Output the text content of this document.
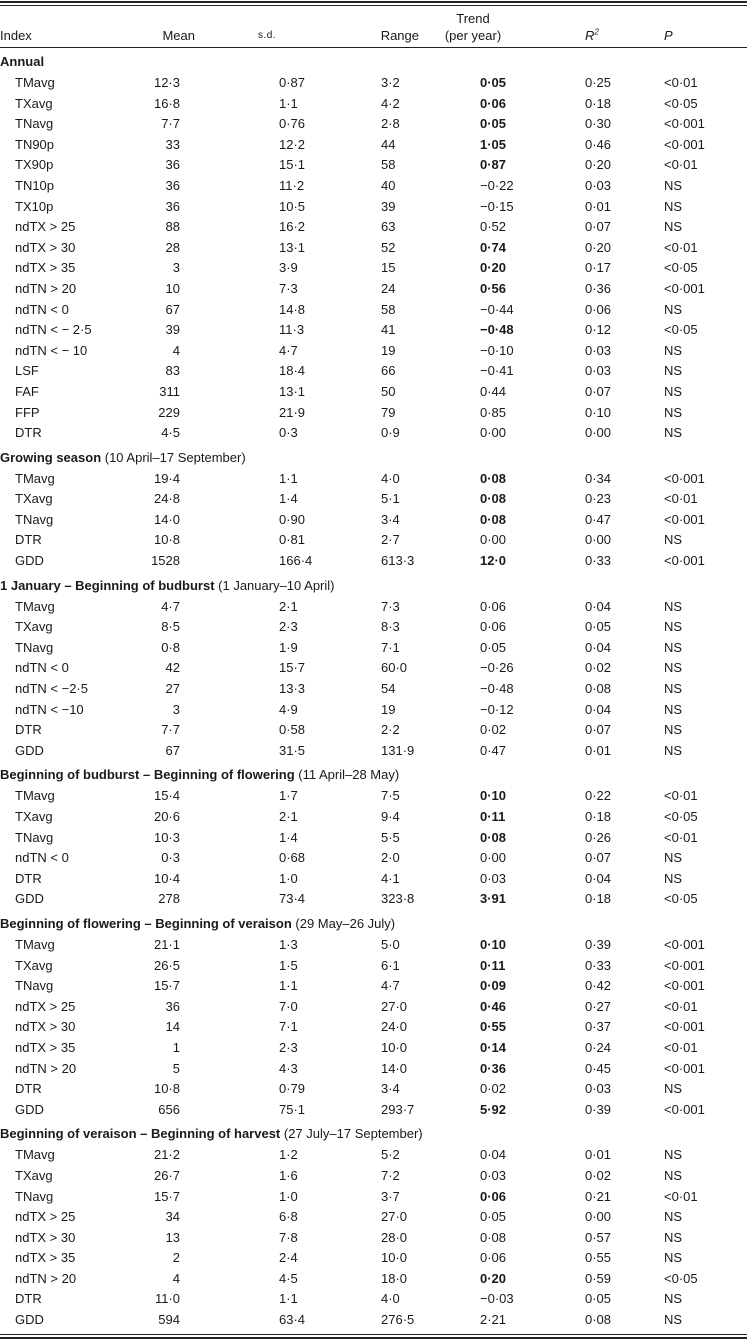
				Trend		
Index	Mean	s.d.	Range	(per year)	$R^2$	P
Annual						
TMavg	12·3	0·87	3·2	0·05	0·25	<0·01
TXavg	16·8	1·1	4·2	0·06	0·18	<0·05
TNavg	7·7	0·76	2·8	0·05	0·30	<0·001
TN90p	33	12·2	44	1·05	0·46	<0·001
TX90p	36	15·1	58	0·87	0·20	<0·01
TN10p	36	11·2	40	−0·22	0·03	NS
TX10p	36	10·5	39	−0·15	0·01	NS
ndTX > 25	88	16·2	63	0·52	0·07	NS
ndTX > 30	28	13·1	52	0·74	0·20	<0·01
ndTX > 35	3	3·9	15	0·20	0·17	<0·05
ndTN > 20	10	7·3	24	0·56	0·36	<0·001
ndTN < 0	67	14·8	58	−0·44	0·06	NS
ndTN < − 2·5	39	11·3	41	−0·48	0·12	<0·05
ndTN < − 10	4	4·7	19	−0·10	0·03	NS
LSF	83	18·4	66	−0·41	0·03	NS
FAF	311	13·1	50	0·44	0·07	NS
FFP	229	21·9	79	0·85	0·10	NS
DTR	4·5	0·3	0·9	0·00	0·00	NS
Growing season (10 April–17 September)						
TMavg	19·4	1·1	4·0	0·08	0·34	<0·001
TXavg	24·8	1·4	5·1	0·08	0·23	<0·01
TNavg	14·0	0·90	3·4	0·08	0·47	<0·001
DTR	10·8	0·81	2·7	0·00	0·00	NS
GDD	1528	166·4	613·3	12·0	0·33	<0·001
1 January – Beginning of budburst (1 January–10 April)						
TMavg	4·7	2·1	7·3	0·06	0·04	NS
TXavg	8·5	2·3	8·3	0·06	0·05	NS
TNavg	0·8	1·9	7·1	0·05	0·04	NS
ndTN < 0	42	15·7	60·0	−0·26	0·02	NS
ndTN < −2·5	27	13·3	54	−0·48	0·08	NS
ndTN < −10	3	4·9	19	−0·12	0·04	NS
DTR	7·7	0·58	2·2	0·02	0·07	NS
GDD	67	31·5	131·9	0·47	0·01	NS
Beginning of budburst – Beginning of flowering (11 April–28 May)						
TMavg	15·4	1·7	7·5	0·10	0·22	<0·01
TXavg	20·6	2·1	9·4	0·11	0·18	<0·05
TNavg	10·3	1·4	5·5	0·08	0·26	<0·01
ndTN < 0	0·3	0·68	2·0	0·00	0·07	NS
DTR	10·4	1·0	4·1	0·03	0·04	NS
GDD	278	73·4	323·8	3·91	0·18	<0·05
Beginning of flowering – Beginning of veraison (29 May–26 July)						
TMavg	21·1	1·3	5·0	0·10	0·39	<0·001
TXavg	26·5	1·5	6·1	0·11	0·33	<0·001
TNavg	15·7	1·1	4·7	0·09	0·42	<0·001
ndTX > 25	36	7·0	27·0	0·46	0·27	<0·01
ndTX > 30	14	7·1	24·0	0·55	0·37	<0·001
ndTX > 35	1	2·3	10·0	0·14	0·24	<0·01
ndTN > 20	5	4·3	14·0	0·36	0·45	<0·001
DTR	10·8	0·79	3·4	0·02	0·03	NS
GDD	656	75·1	293·7	5·92	0·39	<0·001
Beginning of veraison – Beginning of harvest (27 July–17 September)						
TMavg	21·2	1·2	5·2	0·04	0·01	NS
TXavg	26·7	1·6	7·2	0·03	0·02	NS
TNavg	15·7	1·0	3·7	0·06	0·21	<0·01
ndTX > 25	34	6·8	27·0	0·05	0·00	NS
ndTX > 30	13	7·8	28·0	0·08	0·57	NS
ndTX > 35	2	2·4	10·0	0·06	0·55	NS
ndTN > 20	4	4·5	18·0	0·20	0·59	<0·05
DTR	11·0	1·1	4·0	−0·03	0·05	NS
GDD	594	63·4	276·5	2·21	0·08	NS
